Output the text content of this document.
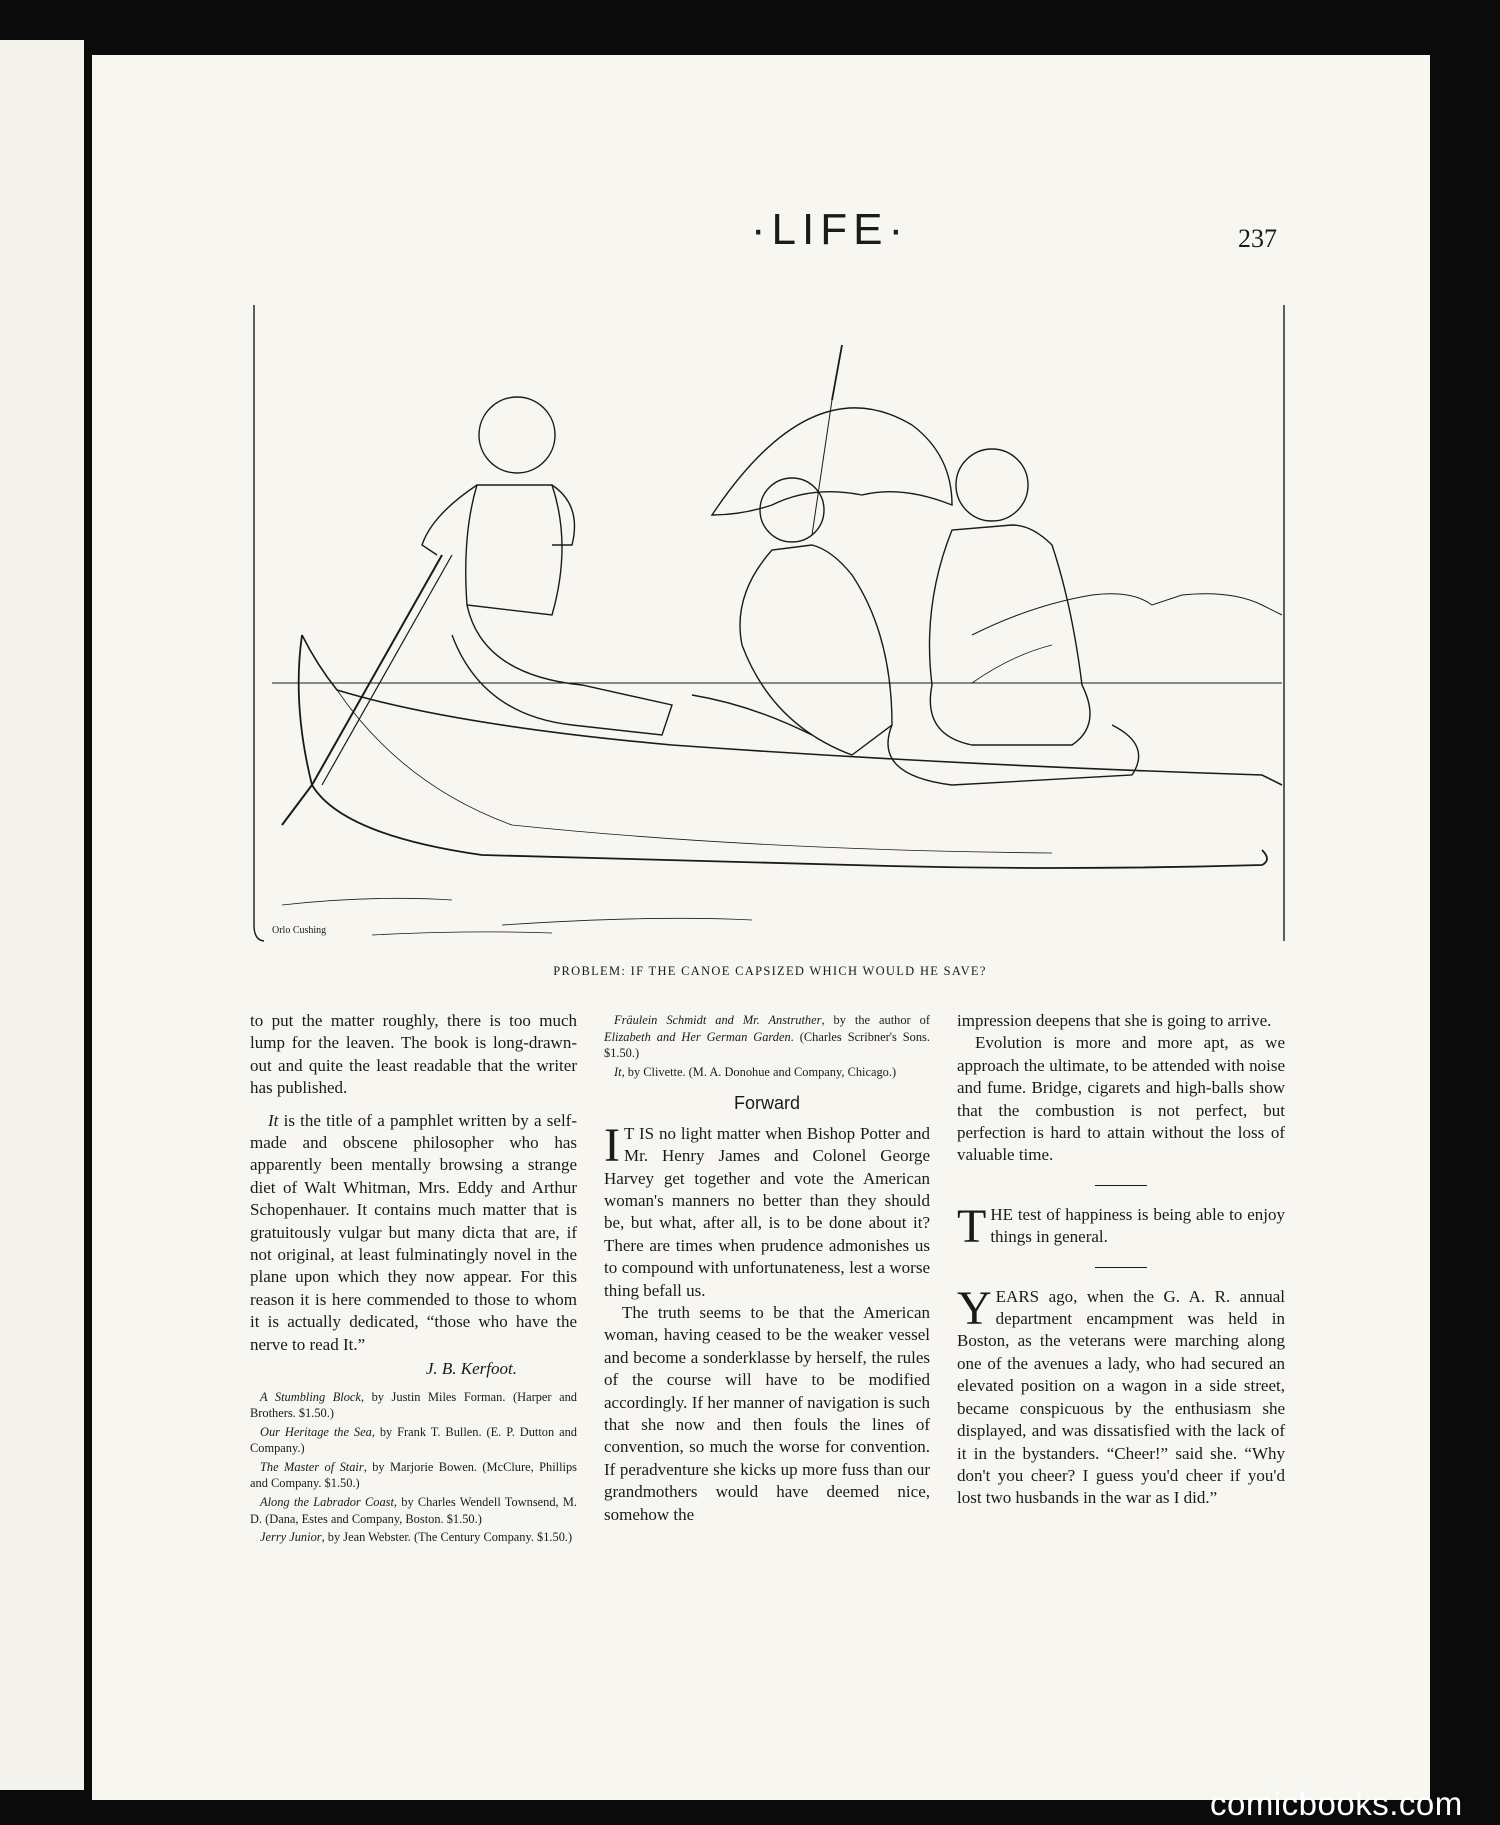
·LIFE·	237
Orlo Cushing
PROBLEM: IF THE CANOE CAPSIZED WHICH WOULD HE SAVE?

to put the matter roughly, there is too much lump for the leaven. The book is long-drawn-out and quite the least readable that the writer has published.

It is the title of a pamphlet written by a self-made and obscene philosopher who has apparently been mentally browsing a strange diet of Walt Whitman, Mrs. Eddy and Arthur Schopenhauer. It contains much matter that is gratuitously vulgar but many dicta that are, if not original, at least fulminatingly novel in the plane upon which they now appear. For this reason it is here commended to those to whom it is actually dedicated, “those who have the nerve to read It.”

J. B. Kerfoot.

A Stumbling Block, by Justin Miles Forman. (Harper and Brothers. $1.50.)

Our Heritage the Sea, by Frank T. Bullen. (E. P. Dutton and Company.)

The Master of Stair, by Marjorie Bowen. (McClure, Phillips and Company. $1.50.)

Along the Labrador Coast, by Charles Wendell Townsend, M. D. (Dana, Estes and Company, Boston. $1.50.)

Jerry Junior, by Jean Webster. (The Century Company. $1.50.)

Fräulein Schmidt and Mr. Anstruther, by the author of Elizabeth and Her German Garden. (Charles Scribner's Sons. $1.50.)

It, by Clivette. (M. A. Donohue and Company, Chicago.)

Forward

I T IS no light matter when Bishop Potter and Mr. Henry James and Colonel George Harvey get together and vote the American woman's manners no better than they should be, but what, after all, is to be done about it? There are times when prudence admonishes us to compound with unfortunateness, lest a worse thing befall us.

The truth seems to be that the American woman, having ceased to be the weaker vessel and become a sonderklasse by herself, the rules of the course will have to be modified accordingly. If her manner of navigation is such that she now and then fouls the lines of convention, so much the worse for convention. If peradventure she kicks up more fuss than our grandmothers would have deemed nice, somehow the

impression deepens that she is going to arrive.

Evolution is more and more apt, as we approach the ultimate, to be attended with noise and fume. Bridge, cigarets and high-balls show that the combustion is not perfect, but perfection is hard to attain without the loss of valuable time.

THE test of happiness is being able to enjoy things in general.

YEARS ago, when the G. A. R. annual department encampment was held in Boston, as the veterans were marching along one of the avenues a lady, who had secured an elevated position on a wagon in a side street, became conspicuous by the enthusiasm she displayed, and was dissatisfied with the lack of it in the bystanders. “Cheer!” said she. “Why don't you cheer? I guess you'd cheer if you'd lost two husbands in the war as I did.”

comicbooks.com
